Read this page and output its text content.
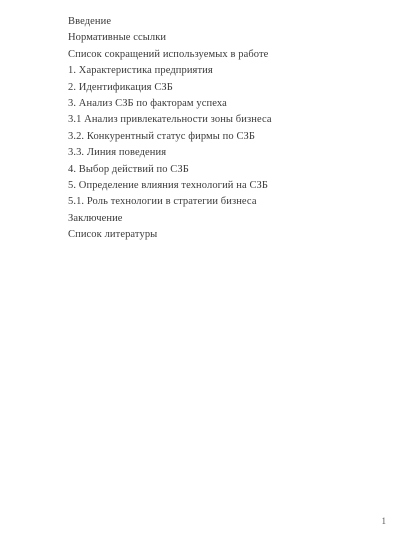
Введение
Нормативные ссылки
Список сокращений используемых в работе
1. Характеристика предприятия
2. Идентификация СЗБ
3. Анализ СЗБ по факторам успеха
3.1 Анализ привлекательности зоны бизнеса
3.2. Конкурентный статус фирмы по СЗБ
3.3. Линия поведения
4. Выбор действий по СЗБ
5. Определение влияния технологий на СЗБ
5.1. Роль технологии в стратегии бизнеса
Заключение
Список литературы
1
